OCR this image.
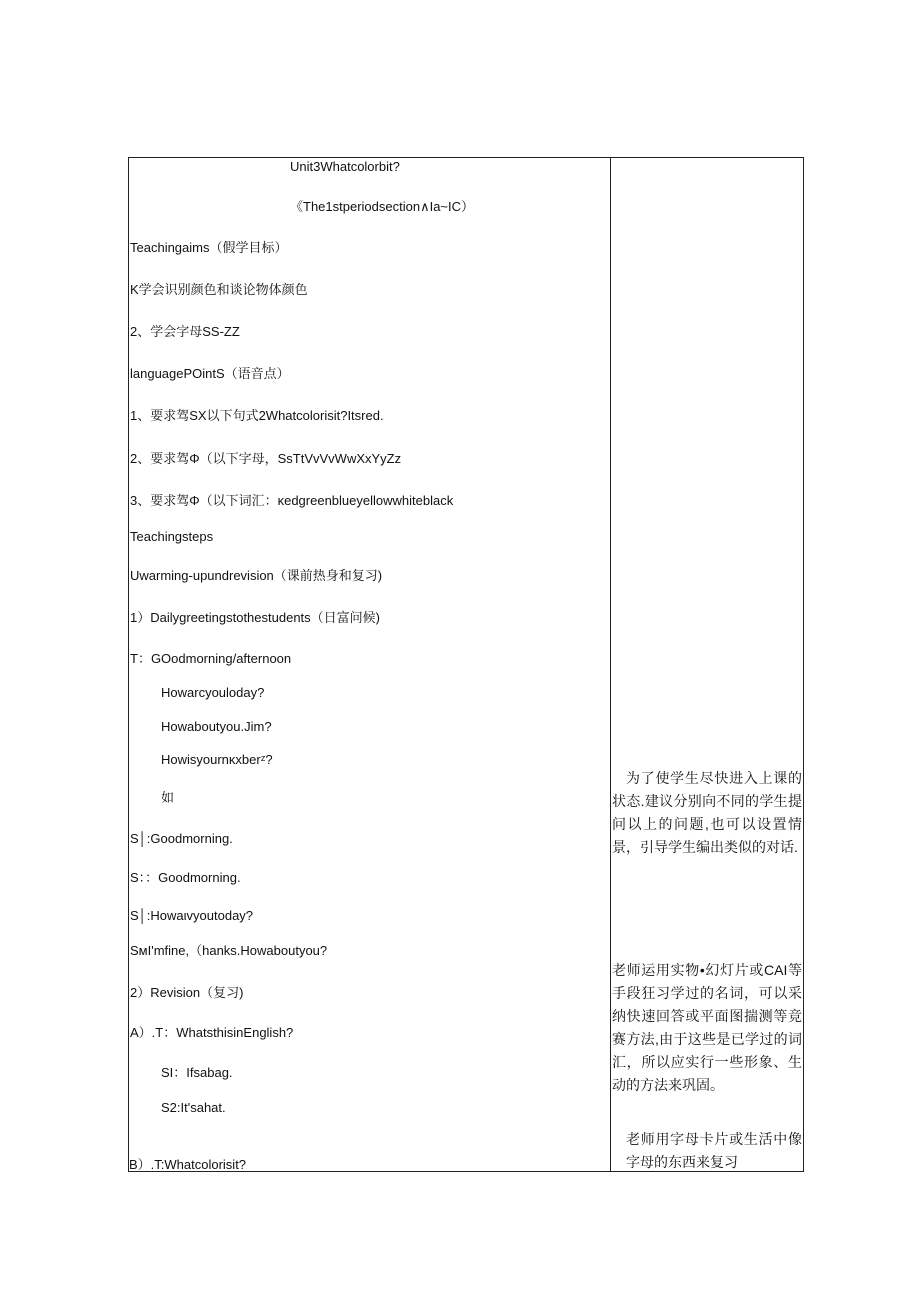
Unit3Whatcolorbit?
《The1stperiodsection∧Ia~IC）
Teachingaims（假学目标）
K学会识别颜色和谈论物体颜色
2、学会字母SS-ZZ
languagePOintS（语音点）
1、要求驾SX以下句式2Whatcolorisit?Itsred.
2、要求驾Φ（以下字母，SsTtVvVvWwXxYyZz
3、要求驾Φ（以下词汇：κedgreenblueyellowwhiteblack
Teachingsteps
Uwarming-upundrevision（课前热身和复习)
1）Dailygreetingstothestudents（日富问候)
T：GOodmorning/afternoon
Howarcyouloday?
Howaboutyou.Jim?
Howisyournκxberᶻ?
如
S│:Goodmorning.
S：：Goodmorning.
S│:Howaιvyoutoday?
SмI'mfine,（hanks.Howaboutyou?
2）Revision（复习)
A）.T：WhatsthisinEnglish?
SI：Ifsabag.
S2:It'sahat.
B）.T:Whatcolorisit?

为了使学生尽快进入上课的状态.建议分别向不同的学生提问以上的问题,也可以设置情景，引导学生编出类似的对话.

老师运用实物•幻灯片或CAI等手段狂习学过的名词，可以采纳快速回答或平面图揣测等竞赛方法,由于这些是已学过的词汇，所以应实行一些形象、生动的方法来巩固。

老师用字母卡片或生活中像字母的东西来复习
